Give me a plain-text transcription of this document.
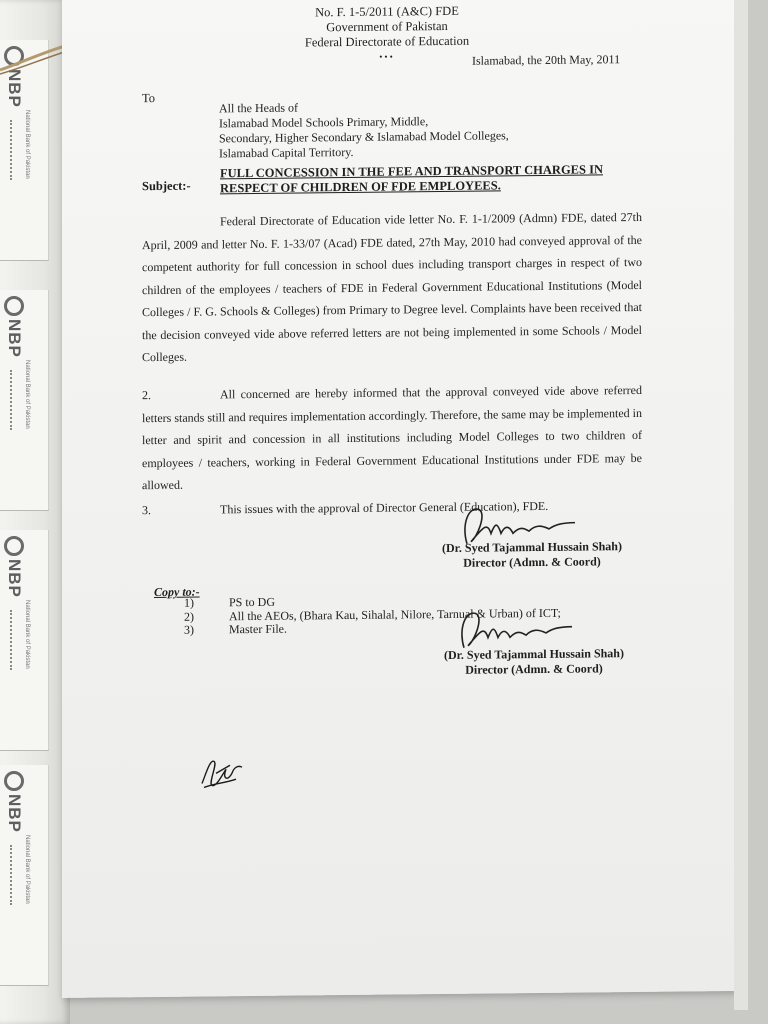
NBP
National Bank of Pakistan
NBP
National Bank of Pakistan
NBP
National Bank of Pakistan
NBP
National Bank of Pakistan
No. F. 1-5/2011 (A&C) FDE
Government of Pakistan
Federal Directorate of Education
•••	Islamabad, the 20th May, 2011
To
All the Heads of
Islamabad Model Schools Primary, Middle,
Secondary, Higher Secondary & Islamabad Model Colleges,
Islamabad Capital Territory.
Subject:-
FULL CONCESSION IN THE FEE AND TRANSPORT CHARGES IN
RESPECT OF CHILDREN OF FDE EMPLOYEES.
Federal Directorate of Education vide letter No. F. 1-1/2009 (Admn) FDE, dated 27th April, 2009 and letter No. F. 1-33/07 (Acad) FDE dated, 27th May, 2010 had conveyed approval of the competent authority for full concession in school dues including transport charges in respect of two children of the employees / teachers of FDE in Federal Government Educational Institutions (Model Colleges / F. G. Schools & Colleges) from Primary to Degree level. Complaints have been received that the decision conveyed vide above referred letters are not being implemented in some Schools / Model Colleges.
2.	All concerned are hereby informed that the approval conveyed vide above referred letters stands still and requires implementation accordingly. Therefore, the same may be implemented in letter and spirit and concession in all institutions including Model Colleges to two children of employees / teachers, working in Federal Government Educational Institutions under FDE may be allowed.
3.	This issues with the approval of Director General (Education), FDE.
(Dr. Syed Tajammal Hussain Shah)
Director (Admn. & Coord)
Copy to:-
1)	PS to DG
2)	All the AEOs, (Bhara Kau, Sihalal, Nilore, Tarnual & Urban) of ICT;
3)	Master File.
(Dr. Syed Tajammal Hussain Shah)
Director (Admn. & Coord)
